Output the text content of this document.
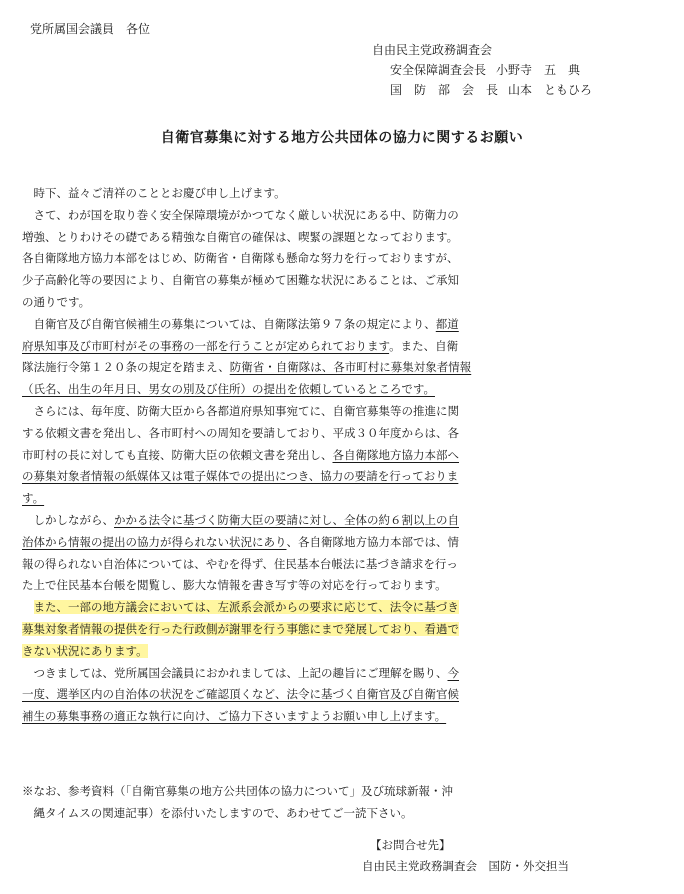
党所属国会議員　各位
自由民主党政務調査会
安全保障調査会長 小野寺　五　典
国　防　部　会　長 山本　ともひろ
自衛官募集に対する地方公共団体の協力に関するお願い
　時下、益々ご清祥のこととお慶び申し上げます。
　さて、わが国を取り巻く安全保障環境がかつてなく厳しい状況にある中、防衛力の
増強、とりわけその礎である精強な自衛官の確保は、喫緊の課題となっております。
各自衛隊地方協力本部をはじめ、防衛省・自衛隊も懸命な努力を行っておりますが、
少子高齢化等の要因により、自衛官の募集が極めて困難な状況にあることは、ご承知
の通りです。
　自衛官及び自衛官候補生の募集については、自衛隊法第９７条の規定により、都道
府県知事及び市町村がその事務の一部を行うことが定められております。また、自衛
隊法施行令第１２０条の規定を踏まえ、防衛省・自衛隊は、各市町村に募集対象者情報
（氏名、出生の年月日、男女の別及び住所）の提出を依頼しているところです。
　さらには、毎年度、防衛大臣から各都道府県知事宛てに、自衛官募集等の推進に関
する依頼文書を発出し、各市町村への周知を要請しており、平成３０年度からは、各
市町村の長に対しても直接、防衛大臣の依頼文書を発出し、各自衛隊地方協力本部へ
の募集対象者情報の紙媒体又は電子媒体での提出につき、協力の要請を行っておりま
す。
　しかしながら、かかる法令に基づく防衛大臣の要請に対し、全体の約６割以上の自
治体から情報の提出の協力が得られない状況にあり、各自衛隊地方協力本部では、情
報の得られない自治体については、やむを得ず、住民基本台帳法に基づき請求を行っ
た上で住民基本台帳を閲覧し、膨大な情報を書き写す等の対応を行っております。
　また、一部の地方議会においては、左派系会派からの要求に応じて、法令に基づき
募集対象者情報の提供を行った行政側が謝罪を行う事態にまで発展しており、看過で
きない状況にあります。
　つきましては、党所属国会議員におかれましては、上記の趣旨にご理解を賜り、今
一度、選挙区内の自治体の状況をご確認頂くなど、法令に基づく自衛官及び自衛官候
補生の募集事務の適正な執行に向け、ご協力下さいますようお願い申し上げます。
※なお、参考資料（「自衛官募集の地方公共団体の協力について」及び琉球新報・沖
　縄タイムスの関連記事）を添付いたしますので、あわせてご一読下さい。
【お問合せ先】
自由民主党政務調査会　国防・外交担当
